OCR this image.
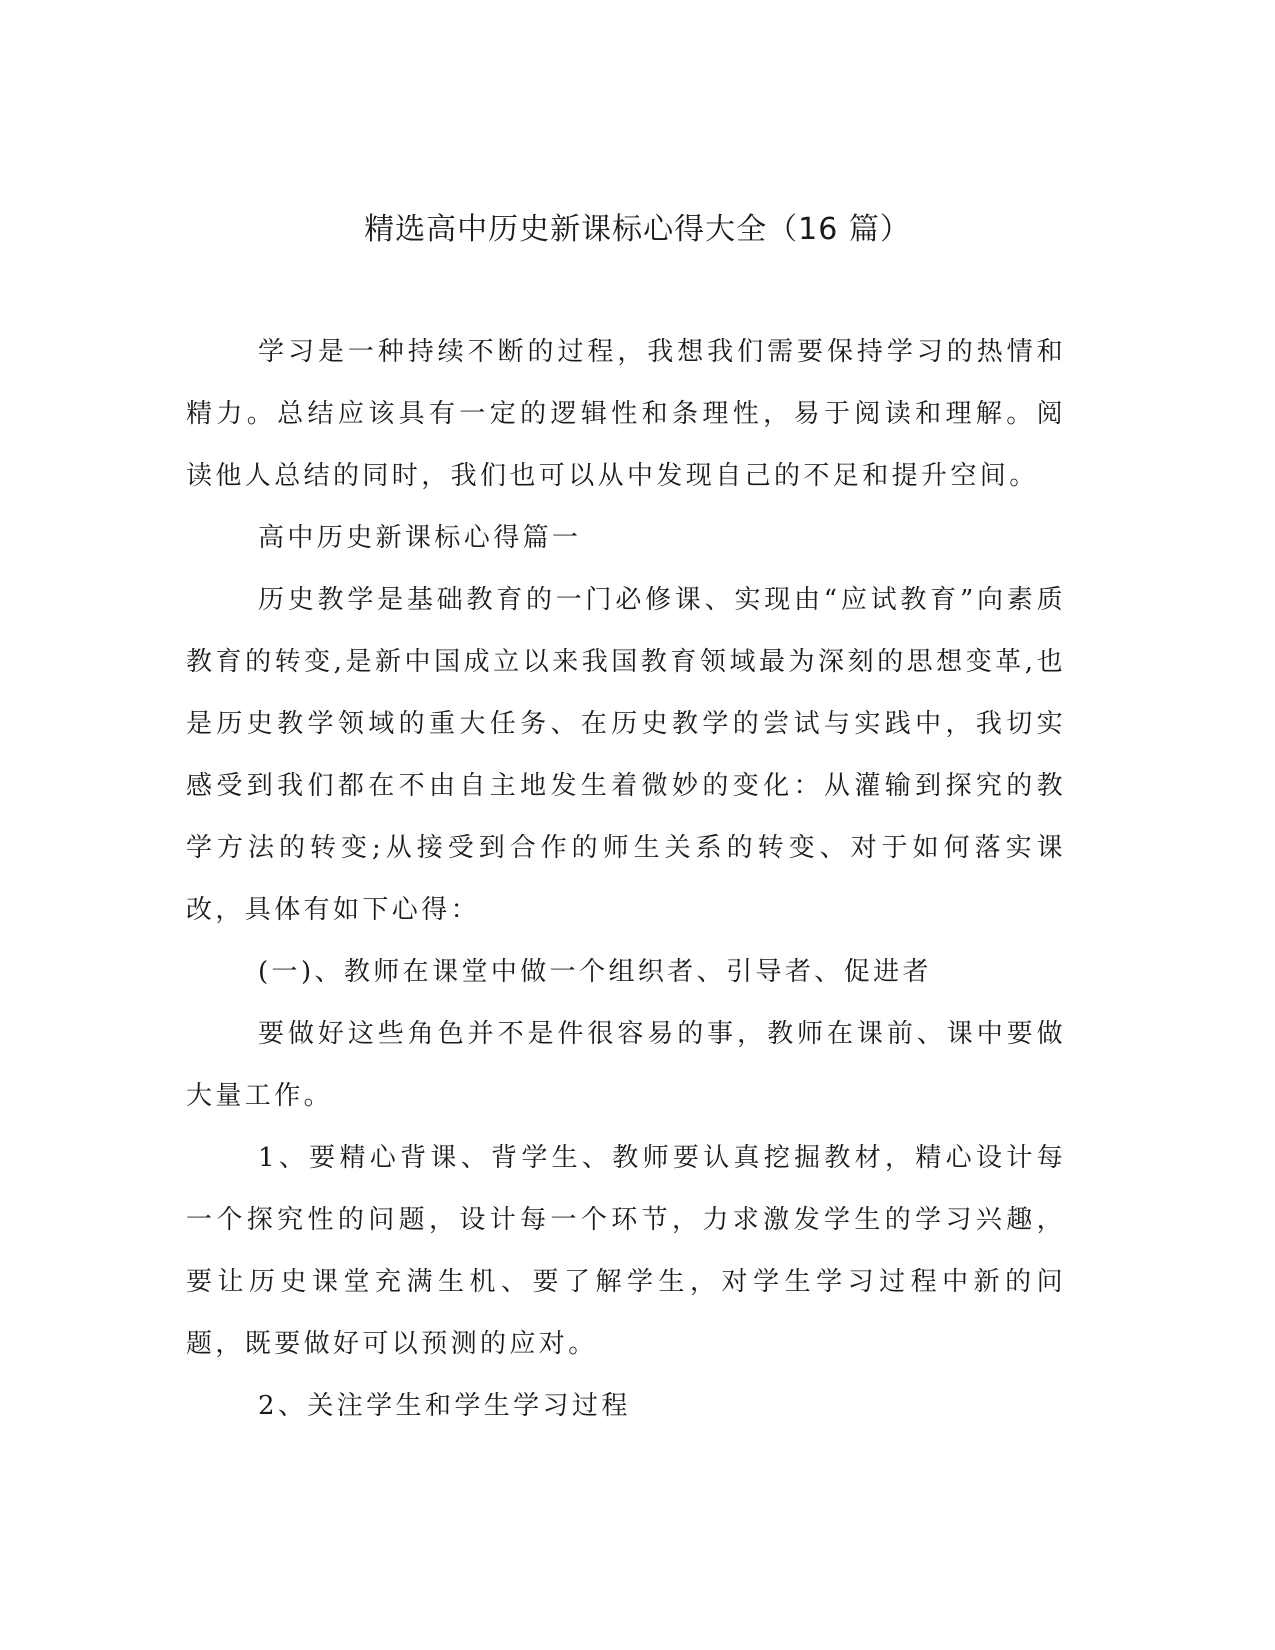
精选高中历史新课标心得大全（16 篇）

学习是一种持续不断的过程，我想我们需要保持学习的热情和精力。总结应该具有一定的逻辑性和条理性，易于阅读和理解。阅读他人总结的同时，我们也可以从中发现自己的不足和提升空间。

高中历史新课标心得篇一

历史教学是基础教育的一门必修课、实现由“应试教育”向素质教育的转变,是新中国成立以来我国教育领域最为深刻的思想变革,也是历史教学领域的重大任务、在历史教学的尝试与实践中，我切实感受到我们都在不由自主地发生着微妙的变化：从灌输到探究的教学方法的转变;从接受到合作的师生关系的转变、对于如何落实课改，具体有如下心得：

(一)、教师在课堂中做一个组织者、引导者、促进者

要做好这些角色并不是件很容易的事，教师在课前、课中要做大量工作。

1、要精心背课、背学生、教师要认真挖掘教材，精心设计每一个探究性的问题，设计每一个环节，力求激发学生的学习兴趣，要让历史课堂充满生机、要了解学生，对学生学习过程中新的问题，既要做好可以预测的应对。

2、关注学生和学生学习过程
